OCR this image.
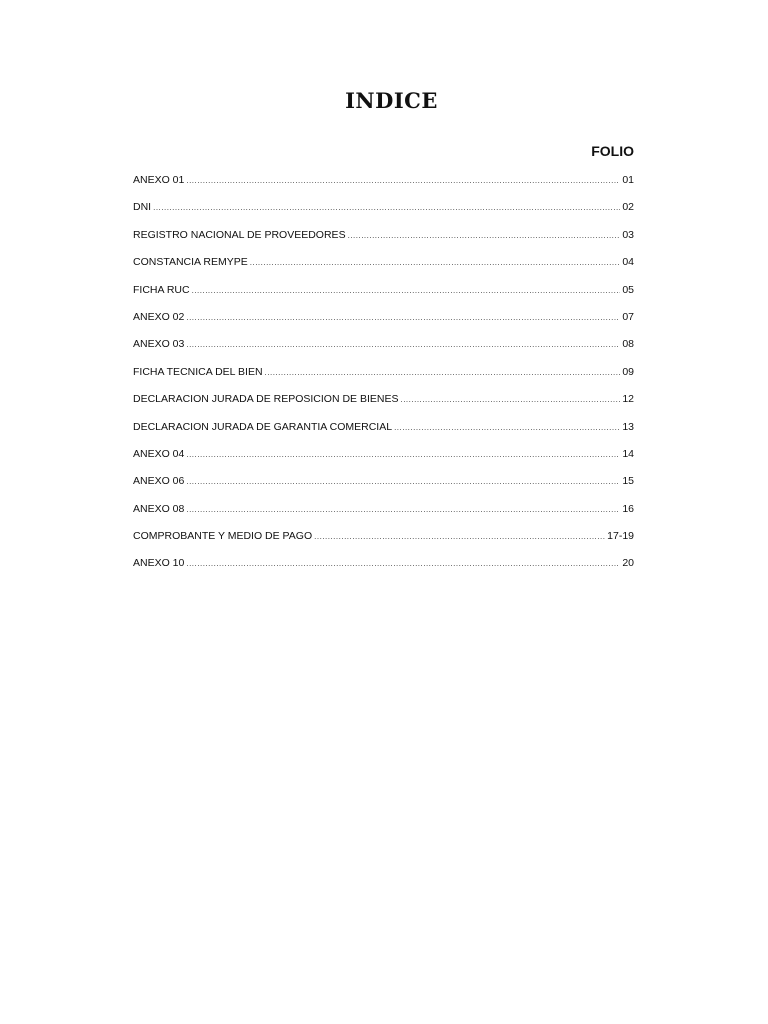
INDICE
FOLIO
ANEXO 01 .....	01
DNI .....	02
REGISTRO NACIONAL DE PROVEEDORES .....	03
CONSTANCIA REMYPE .....	04
FICHA RUC .....	05
ANEXO 02 .....	07
ANEXO 03 .....	08
FICHA TECNICA DEL BIEN .....	09
DECLARACION JURADA DE REPOSICION DE BIENES .....	12
DECLARACION JURADA DE GARANTIA COMERCIAL .....	13
ANEXO 04 .....	14
ANEXO 06 .....	15
ANEXO 08 .....	16
COMPROBANTE Y MEDIO DE PAGO .....	17-19
ANEXO 10 .....	20
